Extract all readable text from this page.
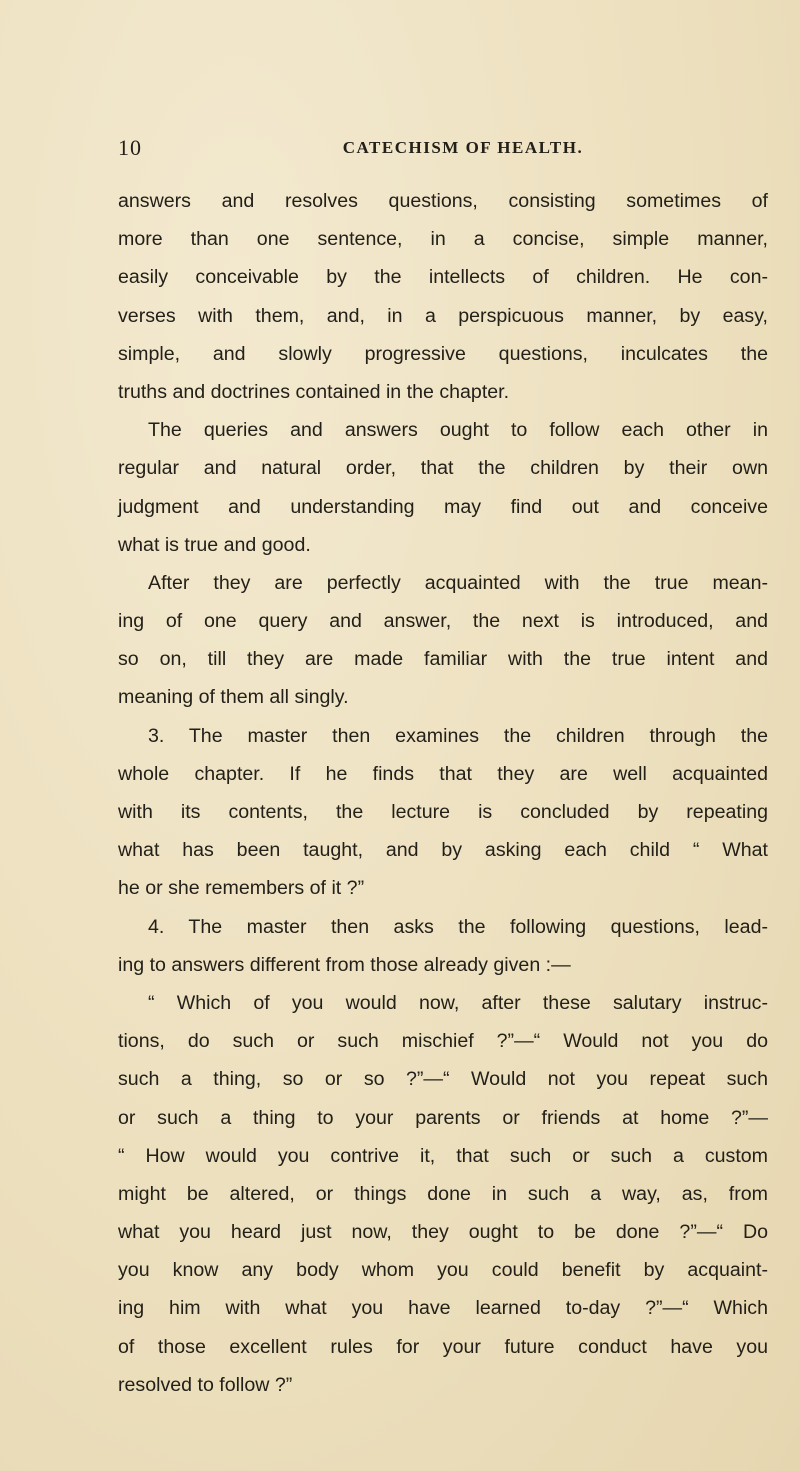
10	CATECHISM OF HEALTH.
answers and resolves questions, consisting sometimes of
more than one sentence, in a concise, simple manner,
easily conceivable by the intellects of children. He con-
verses with them, and, in a perspicuous manner, by easy,
simple, and slowly progressive questions, inculcates the
truths and doctrines contained in the chapter.
The queries and answers ought to follow each other in
regular and natural order, that the children by their own
judgment and understanding may find out and conceive
what is true and good.
After they are perfectly acquainted with the true mean-
ing of one query and answer, the next is introduced, and
so on, till they are made familiar with the true intent and
meaning of them all singly.
3. The master then examines the children through the
whole chapter. If he finds that they are well acquainted
with its contents, the lecture is concluded by repeating
what has been taught, and by asking each child “ What
he or she remembers of it ?”
4. The master then asks the following questions, lead-
ing to answers different from those already given :—
“ Which of you would now, after these salutary instruc-
tions, do such or such mischief ?”—“ Would not you do
such a thing, so or so ?”—“ Would not you repeat such
or such a thing to your parents or friends at home ?”—
“ How would you contrive it, that such or such a custom
might be altered, or things done in such a way, as, from
what you heard just now, they ought to be done ?”—“ Do
you know any body whom you could benefit by acquaint-
ing him with what you have learned to-day ?”—“ Which
of those excellent rules for your future conduct have you
resolved to follow ?”
